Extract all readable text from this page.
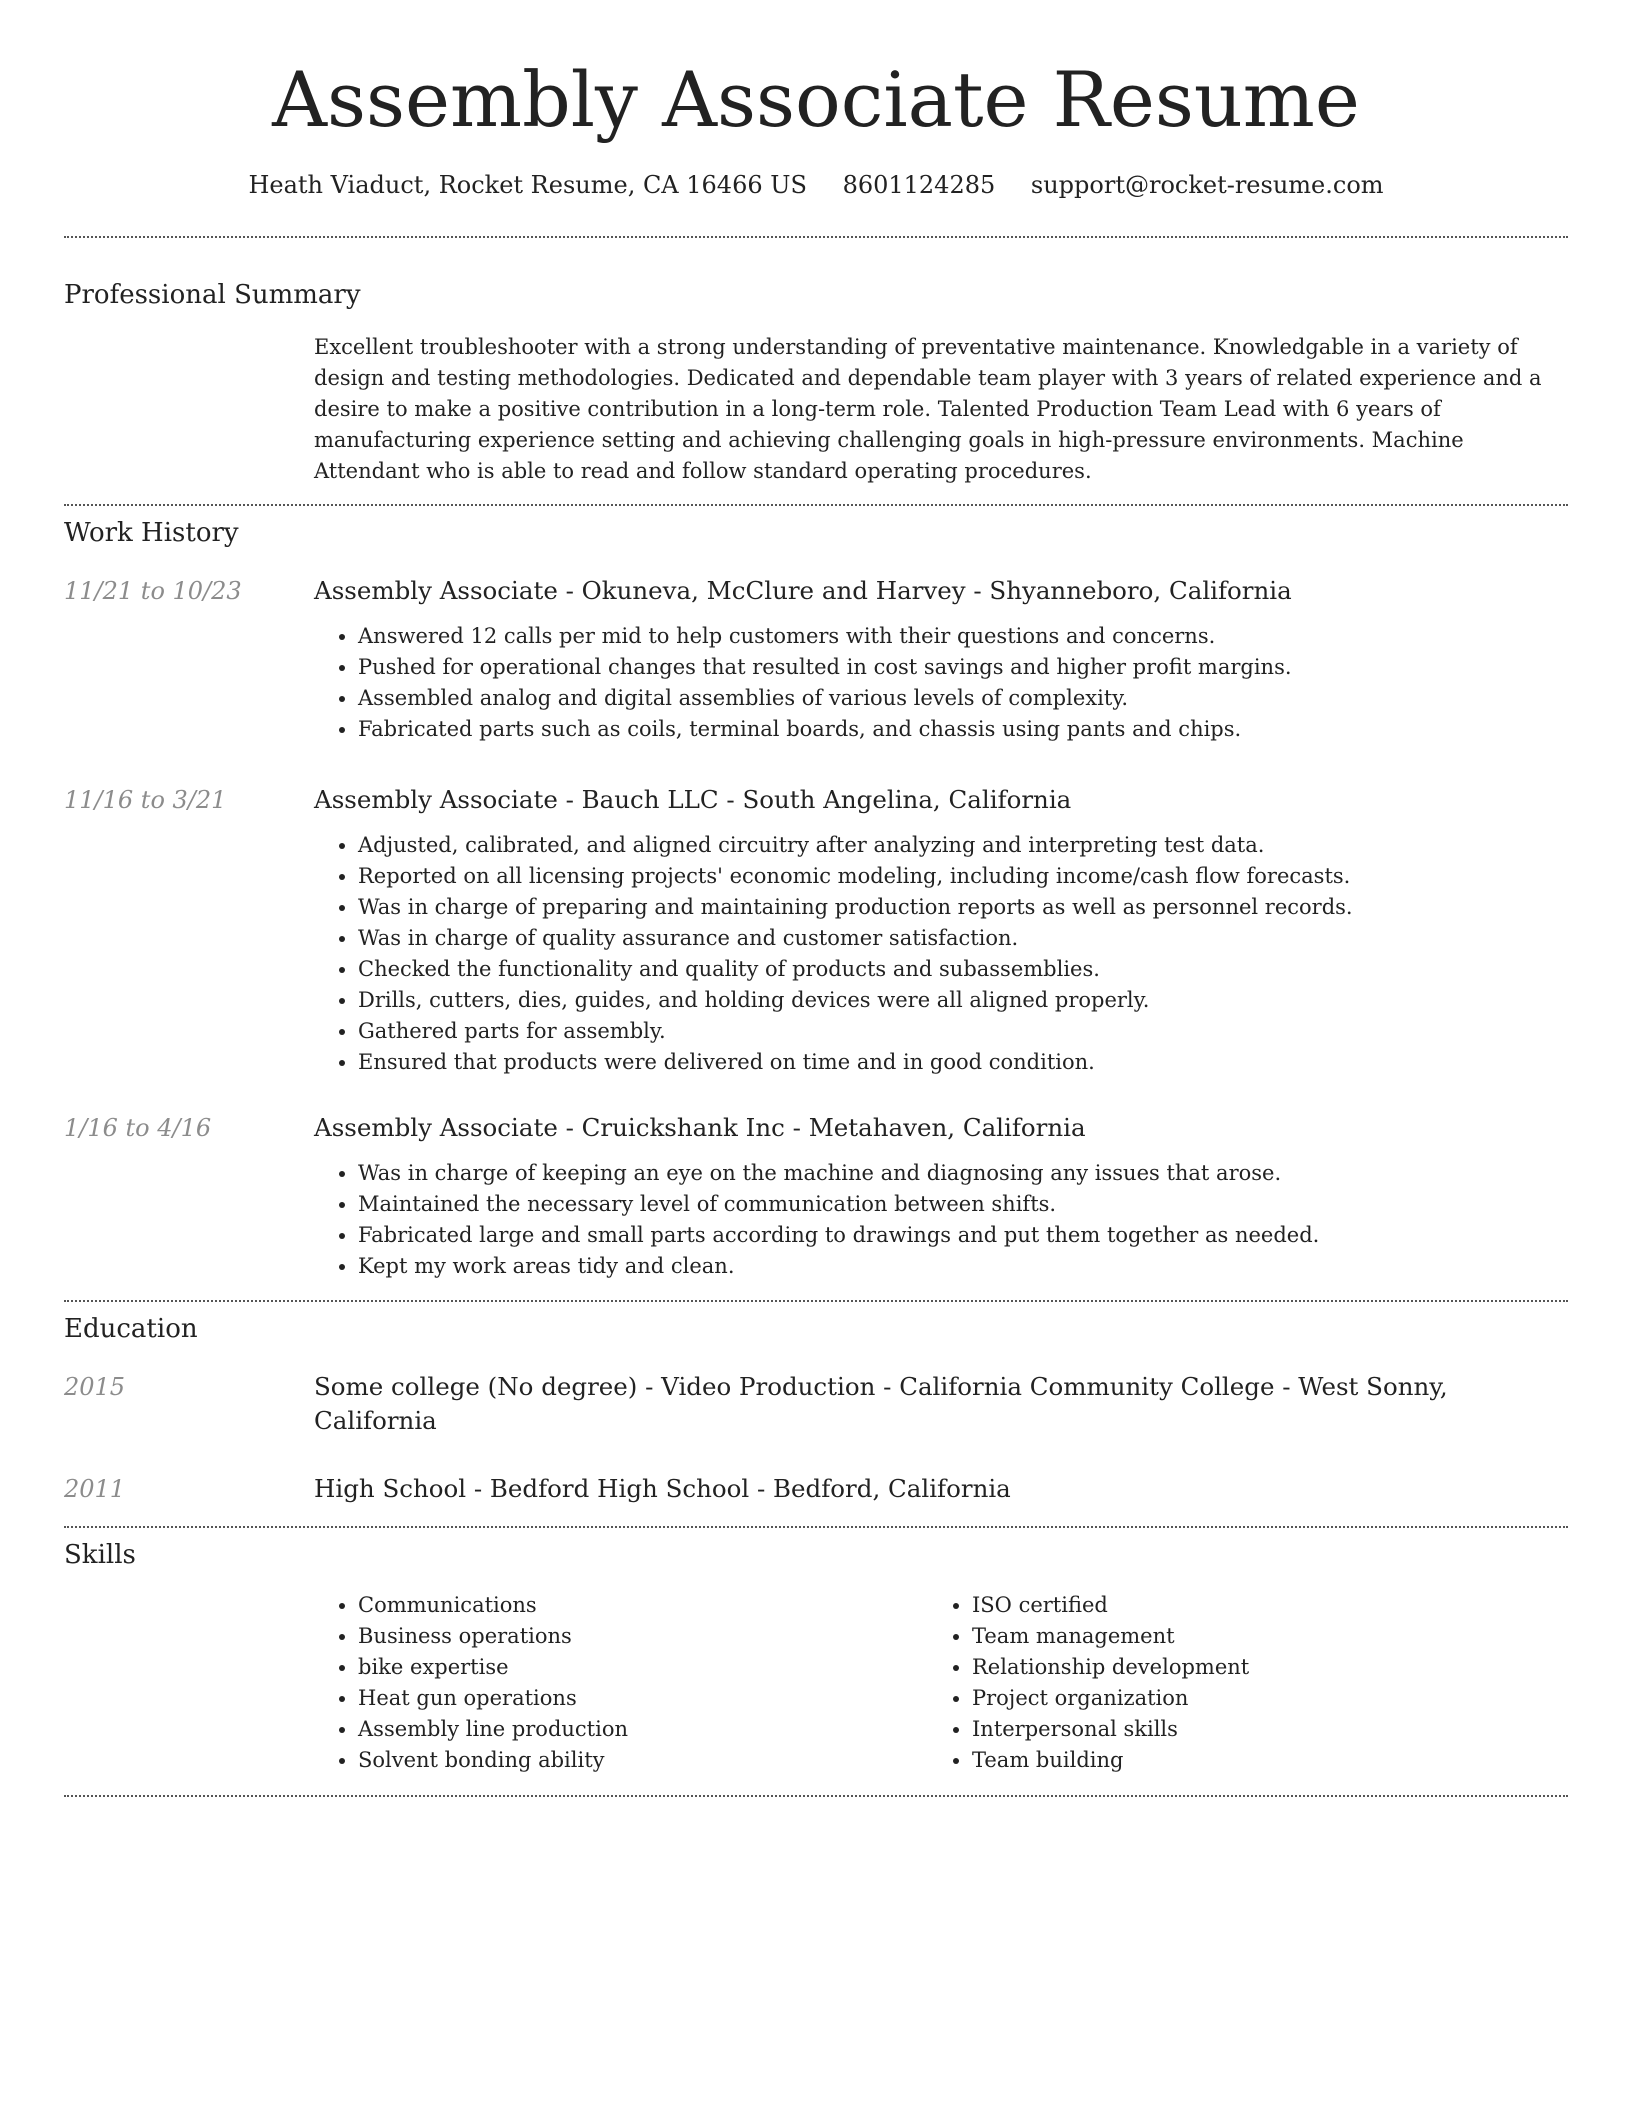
Assembly Associate Resume
Heath Viaduct, Rocket Resume, CA 16466 US 8601124285 support@rocket-resume.com
Professional Summary
Excellent troubleshooter with a strong understanding of preventative maintenance. Knowledgable in a variety of design and testing methodologies. Dedicated and dependable team player with 3 years of related experience and a desire to make a positive contribution in a long-term role. Talented Production Team Lead with 6 years of manufacturing experience setting and achieving challenging goals in high-pressure environments. Machine Attendant who is able to read and follow standard operating procedures.
Work History
11/21 to 10/23	Assembly Associate - Okuneva, McClure and Harvey - Shyanneboro, California
• Answered 12 calls per mid to help customers with their questions and concerns.
• Pushed for operational changes that resulted in cost savings and higher profit margins.
• Assembled analog and digital assemblies of various levels of complexity.
• Fabricated parts such as coils, terminal boards, and chassis using pants and chips.
11/16 to 3/21	Assembly Associate - Bauch LLC - South Angelina, California
• Adjusted, calibrated, and aligned circuitry after analyzing and interpreting test data.
• Reported on all licensing projects' economic modeling, including income/cash flow forecasts.
• Was in charge of preparing and maintaining production reports as well as personnel records.
• Was in charge of quality assurance and customer satisfaction.
• Checked the functionality and quality of products and subassemblies.
• Drills, cutters, dies, guides, and holding devices were all aligned properly.
• Gathered parts for assembly.
• Ensured that products were delivered on time and in good condition.
1/16 to 4/16	Assembly Associate - Cruickshank Inc - Metahaven, California
• Was in charge of keeping an eye on the machine and diagnosing any issues that arose.
• Maintained the necessary level of communication between shifts.
• Fabricated large and small parts according to drawings and put them together as needed.
• Kept my work areas tidy and clean.
Education
2015	Some college (No degree) - Video Production - California Community College - West Sonny, California
2011	High School - Bedford High School - Bedford, California
Skills
• Communications
• Business operations
• bike expertise
• Heat gun operations
• Assembly line production
• Solvent bonding ability
• ISO certified
• Team management
• Relationship development
• Project organization
• Interpersonal skills
• Team building
